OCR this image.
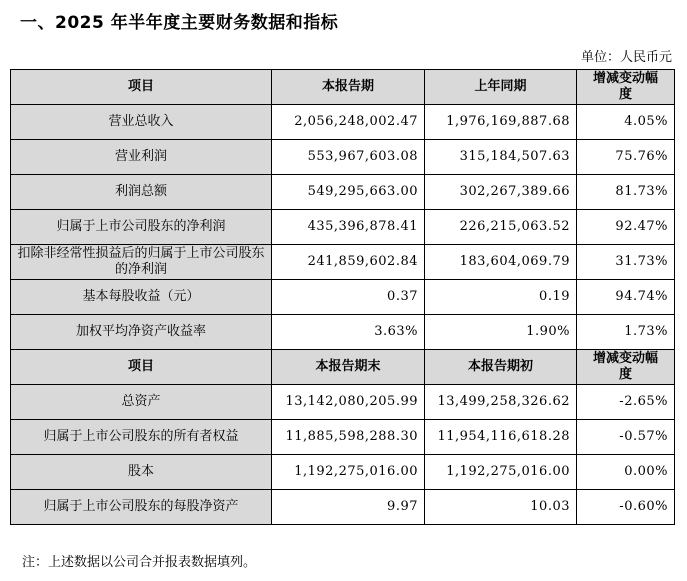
一、2025 年半年度主要财务数据和指标
单位：人民币元
项目	本报告期	上年同期	增减变动幅度
营业总收入	2,056,248,002.47	1,976,169,887.68	4.05%
营业利润	553,967,603.08	315,184,507.63	75.76%
利润总额	549,295,663.00	302,267,389.66	81.73%
归属于上市公司股东的净利润	435,396,878.41	226,215,063.52	92.47%
扣除非经常性损益后的归属于上市公司股东的净利润	241,859,602.84	183,604,069.79	31.73%
基本每股收益（元）	0.37	0.19	94.74%
加权平均净资产收益率	3.63%	1.90%	1.73%
项目	本报告期末	本报告期初	增减变动幅度
总资产	13,142,080,205.99	13,499,258,326.62	-2.65%
归属于上市公司股东的所有者权益	11,885,598,288.30	11,954,116,618.28	-0.57%
股本	1,192,275,016.00	1,192,275,016.00	0.00%
归属于上市公司股东的每股净资产	9.97	10.03	-0.60%
注：上述数据以公司合并报表数据填列。
